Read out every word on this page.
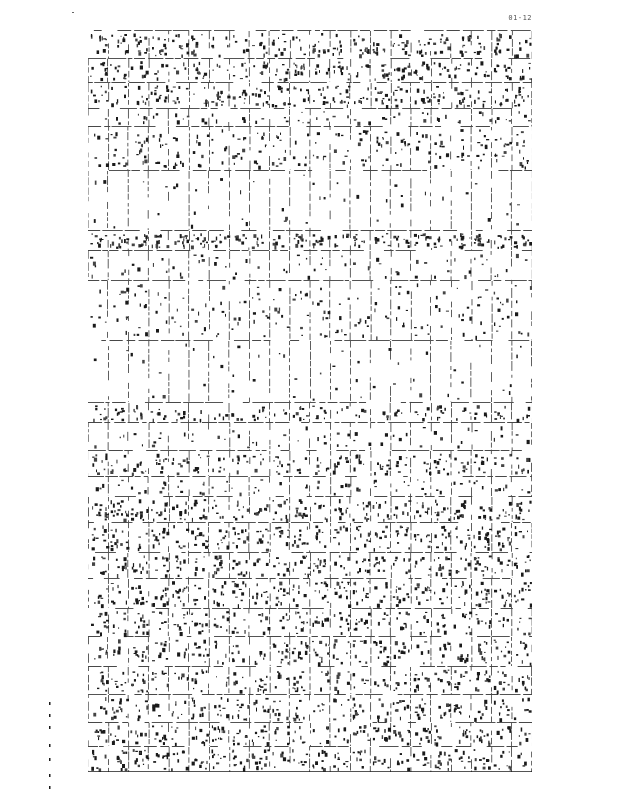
01-12
